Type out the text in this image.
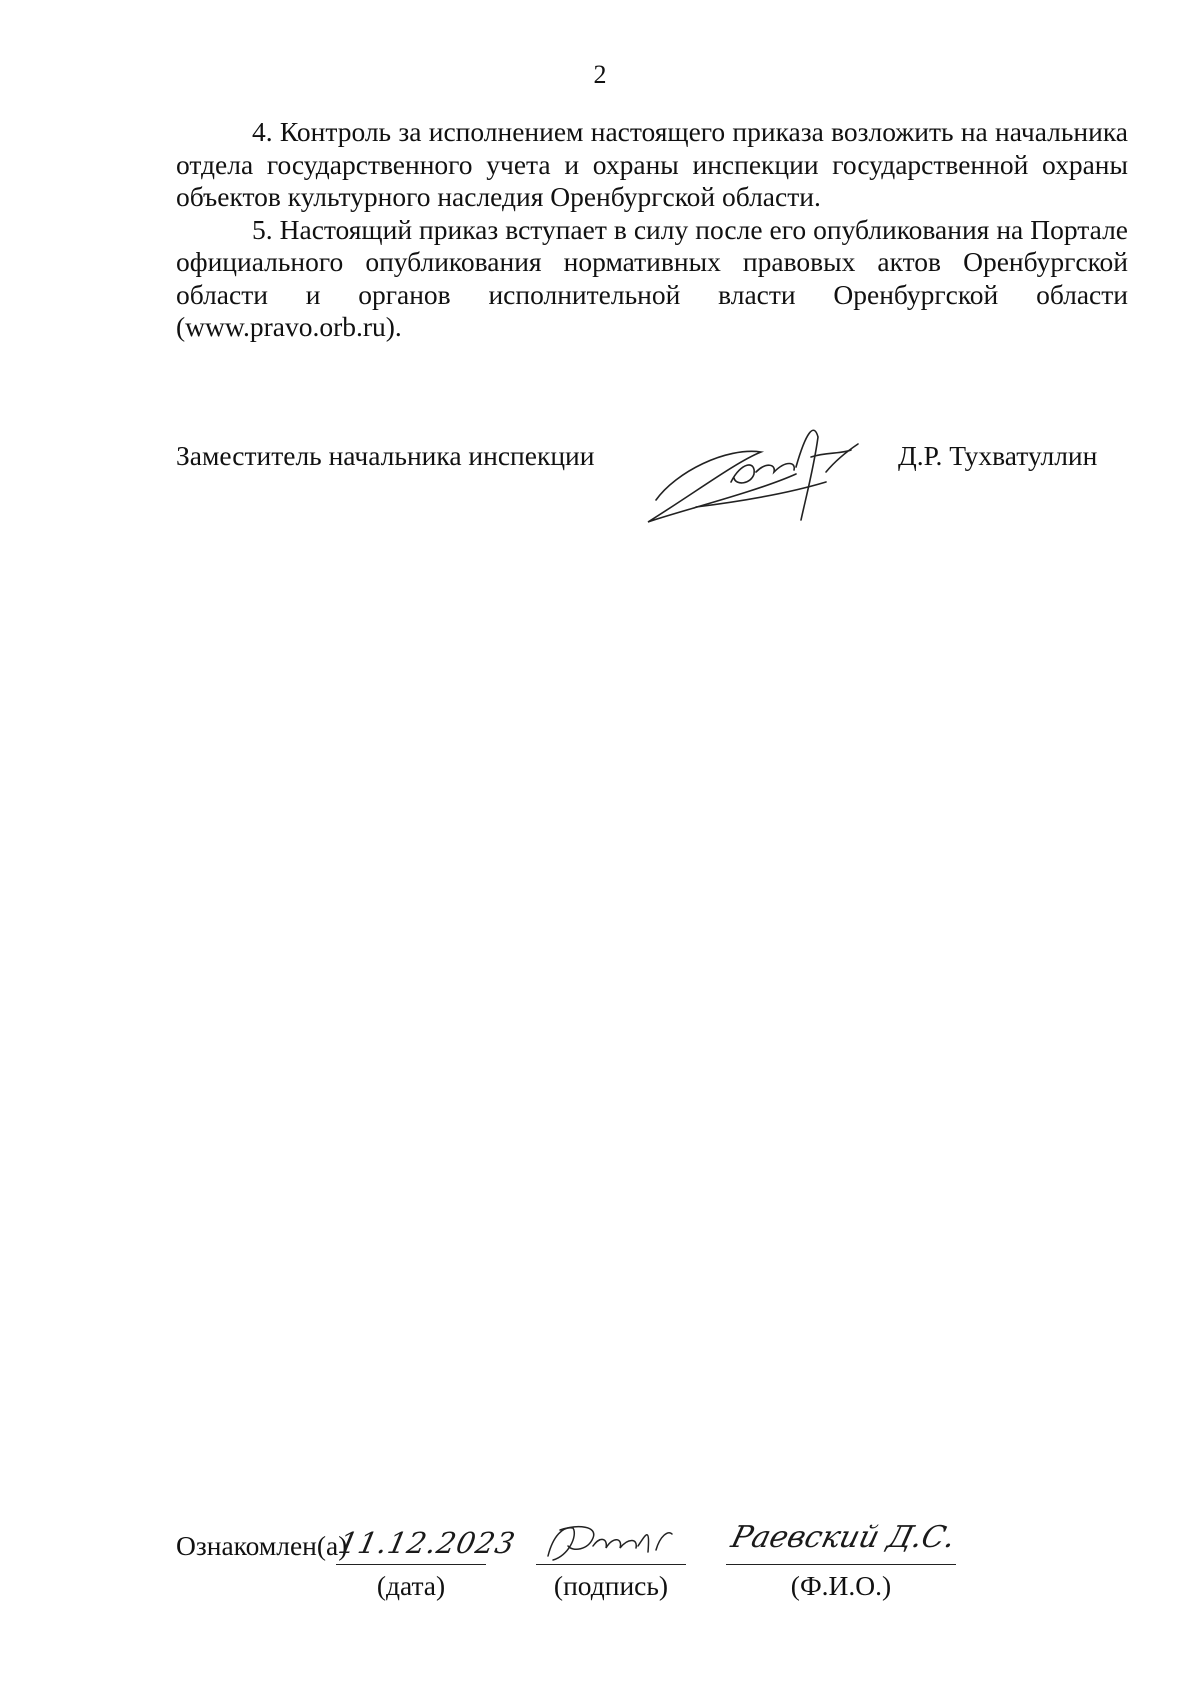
2

4. Контроль за исполнением настоящего приказа возложить на начальника отдела государственного учета и охраны инспекции государственной охраны объектов культурного наследия Оренбургской области.

5. Настоящий приказ вступает в силу после его опубликования на Портале официального опубликования нормативных правовых актов Оренбургской области и органов исполнительной власти Оренбургской области (www.pravo.orb.ru).

Заместитель начальника инспекции	Д.Р. Тухватуллин
Ознакомлен(а)
11.12.2023
(дата)	(подпись)
Раевский Д.С.
(Ф.И.О.)
